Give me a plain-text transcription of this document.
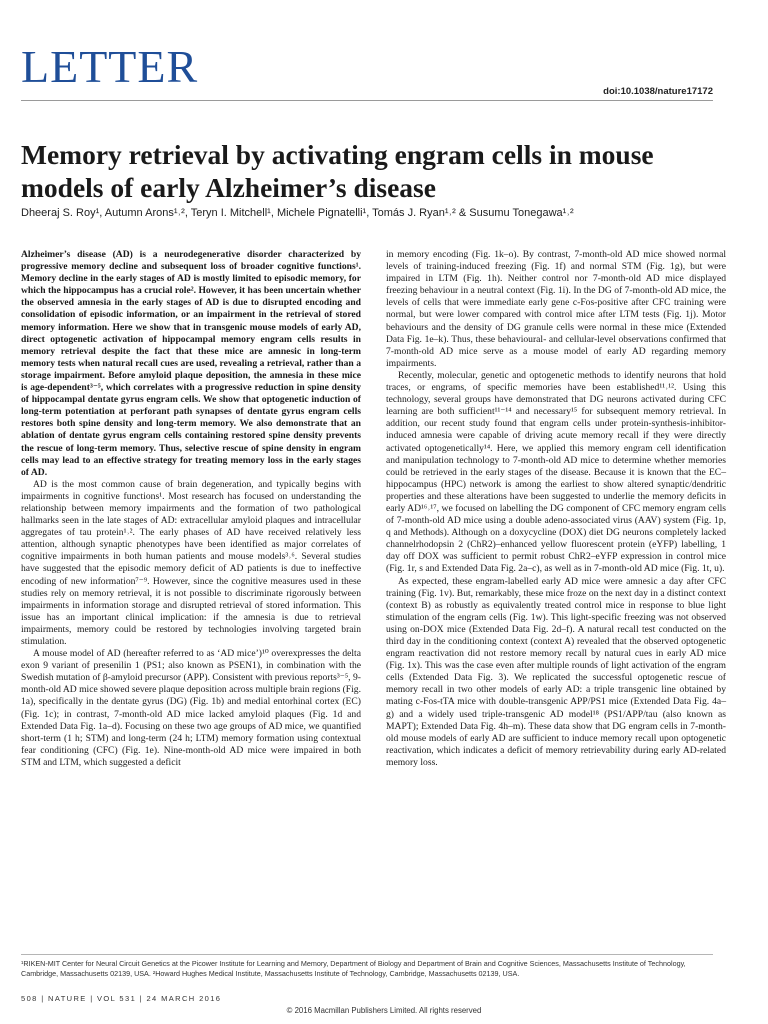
LETTER	doi:10.1038/nature17172
Memory retrieval by activating engram cells in mouse models of early Alzheimer’s disease
Dheeraj S. Roy¹, Autumn Arons¹˒², Teryn I. Mitchell¹, Michele Pignatelli¹, Tomás J. Ryan¹˒² & Susumu Tonegawa¹˒²

Alzheimer’s disease (AD) is a neurodegenerative disorder characterized by progressive memory decline and subsequent loss of broader cognitive functions¹. Memory decline in the early stages of AD is mostly limited to episodic memory, for which the hippocampus has a crucial role². However, it has been uncertain whether the observed amnesia in the early stages of AD is due to disrupted encoding and consolidation of episodic information, or an impairment in the retrieval of stored memory information. Here we show that in transgenic mouse models of early AD, direct optogenetic activation of hippocampal memory engram cells results in memory retrieval despite the fact that these mice are amnesic in long-term memory tests when natural recall cues are used, revealing a retrieval, rather than a storage impairment. Before amyloid plaque deposition, the amnesia in these mice is age-dependent³⁻⁵, which correlates with a progressive reduction in spine density of hippocampal dentate gyrus engram cells. We show that optogenetic induction of long-term potentiation at perforant path synapses of dentate gyrus engram cells restores both spine density and long-term memory. We also demonstrate that an ablation of dentate gyrus engram cells containing restored spine density prevents the rescue of long-term memory. Thus, selective rescue of spine density in engram cells may lead to an effective strategy for treating memory loss in the early stages of AD.

AD is the most common cause of brain degeneration, and typically begins with impairments in cognitive functions¹. Most research has focused on understanding the relationship between memory impairments and the formation of two pathological hallmarks seen in the late stages of AD: extracellular amyloid plaques and intracellular aggregates of tau protein¹˒². The early phases of AD have received relatively less attention, although synaptic phenotypes have been identified as major correlates of cognitive impairments in both human patients and mouse models³˒⁶. Several studies have suggested that the episodic memory deficit of AD patients is due to ineffective encoding of new information⁷⁻⁹. However, since the cognitive measures used in these studies rely on memory retrieval, it is not possible to discriminate rigorously between impairments in information storage and disrupted retrieval of stored information. This issue has an important clinical implication: if the amnesia is due to retrieval impairments, memory could be restored by technologies involving targeted brain stimulation.

A mouse model of AD (hereafter referred to as ‘AD mice’)¹⁰ overexpresses the delta exon 9 variant of presenilin 1 (PS1; also known as PSEN1), in combination with the Swedish mutation of β-amyloid precursor (APP). Consistent with previous reports³⁻⁵, 9-month-old AD mice showed severe plaque deposition across multiple brain regions (Fig. 1a), specifically in the dentate gyrus (DG) (Fig. 1b) and medial entorhinal cortex (EC) (Fig. 1c); in contrast, 7-month-old AD mice lacked amyloid plaques (Fig. 1d and Extended Data Fig. 1a–d). Focusing on these two age groups of AD mice, we quantified short-term (1 h; STM) and long-term (24 h; LTM) memory formation using contextual fear conditioning (CFC) (Fig. 1e). Nine-month-old AD mice were impaired in both STM and LTM, which suggested a deficit

in memory encoding (Fig. 1k–o). By contrast, 7-month-old AD mice showed normal levels of training-induced freezing (Fig. 1f) and normal STM (Fig. 1g), but were impaired in LTM (Fig. 1h). Neither control nor 7-month-old AD mice displayed freezing behaviour in a neutral context (Fig. 1i). In the DG of 7-month-old AD mice, the levels of cells that were immediate early gene c-Fos-positive after CFC training were normal, but were lower compared with control mice after LTM tests (Fig. 1j). Motor behaviours and the density of DG granule cells were normal in these mice (Extended Data Fig. 1e–k). Thus, these behavioural- and cellular-level observations confirmed that 7-month-old AD mice serve as a mouse model of early AD regarding memory impairments.

Recently, molecular, genetic and optogenetic methods to identify neurons that hold traces, or engrams, of specific memories have been established¹¹˒¹². Using this technology, several groups have demonstrated that DG neurons activated during CFC learning are both sufficient¹¹⁻¹⁴ and necessary¹⁵ for subsequent memory retrieval. In addition, our recent study found that engram cells under protein-synthesis-inhibitor-induced amnesia were capable of driving acute memory recall if they were directly activated optogenetically¹⁴. Here, we applied this memory engram cell identification and manipulation technology to 7-month-old AD mice to determine whether memories could be retrieved in the early stages of the disease. Because it is known that the EC–hippocampus (HPC) network is among the earliest to show altered synaptic/dendritic properties and these alterations have been suggested to underlie the memory deficits in early AD¹⁶˒¹⁷, we focused on labelling the DG component of CFC memory engram cells of 7-month-old AD mice using a double adeno-associated virus (AAV) system (Fig. 1p, q and Methods). Although on a doxycycline (DOX) diet DG neurons completely lacked channelrhodopsin 2 (ChR2)–enhanced yellow fluorescent protein (eYFP) labelling, 1 day off DOX was sufficient to permit robust ChR2–eYFP expression in control mice (Fig. 1r, s and Extended Data Fig. 2a–c), as well as in 7-month-old AD mice (Fig. 1t, u).

As expected, these engram-labelled early AD mice were amnesic a day after CFC training (Fig. 1v). But, remarkably, these mice froze on the next day in a distinct context (context B) as robustly as equivalently treated control mice in response to blue light stimulation of the engram cells (Fig. 1w). This light-specific freezing was not observed using on-DOX mice (Extended Data Fig. 2d–f). A natural recall test conducted on the third day in the conditioning context (context A) revealed that the observed optogenetic engram reactivation did not restore memory recall by natural cues in early AD mice (Fig. 1x). This was the case even after multiple rounds of light activation of the engram cells (Extended Data Fig. 3). We replicated the successful optogenetic rescue of memory recall in two other models of early AD: a triple transgenic line obtained by mating c-Fos-tTA mice with double-transgenic APP/PS1 mice (Extended Data Fig. 4a–g) and a widely used triple-transgenic AD model¹⁸ (PS1/APP/tau (also known as MAPT); Extended Data Fig. 4h–m). These data show that DG engram cells in 7-month-old mouse models of early AD are sufficient to induce memory recall upon optogenetic reactivation, which indicates a deficit of memory retrievability during early AD-related memory loss.

¹RIKEN-MIT Center for Neural Circuit Genetics at the Picower Institute for Learning and Memory, Department of Biology and Department of Brain and Cognitive Sciences, Massachusetts Institute of Technology, Cambridge, Massachusetts 02139, USA. ²Howard Hughes Medical Institute, Massachusetts Institute of Technology, Cambridge, Massachusetts 02139, USA.
508 | NATURE | VOL 531 | 24 MARCH 2016
© 2016 Macmillan Publishers Limited. All rights reserved
